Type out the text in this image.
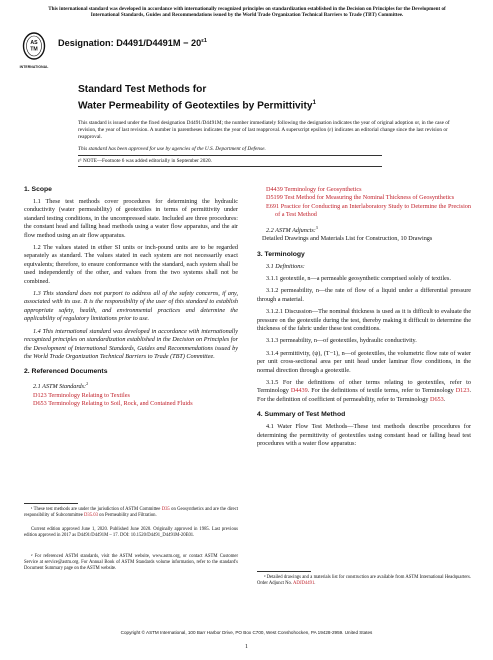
This international standard was developed in accordance with internationally recognized principles on standardization established in the Decision on Principles for the Development of International Standards, Guides and Recommendations issued by the World Trade Organization Technical Barriers to Trade (TBT) Committee.
AS
TM
INTERNATIONAL
Designation: $D4491/D4491M - 20^{\varepsilon 1}$
Standard Test Methods for
Water Permeability of Geotextiles by Permittivity$^1$
This standard is issued under the fixed designation D4491/D4491M; the number immediately following the designation indicates the year of original adoption or, in the case of revision, the year of last revision. A number in parentheses indicates the year of last reapproval. A superscript epsilon (ε) indicates an editorial change since the last revision or reapproval.
This standard has been approved for use by agencies of the U.S. Department of Defense.
ε¹ NOTE—Footnote 6 was added editorially in September 2020.
1. Scope

1.1 These test methods cover procedures for determining the hydraulic conductivity (water permeability) of geotextiles in terms of permittivity under standard testing conditions, in the uncompressed state. Included are three procedures: the constant head and falling head methods using a water flow apparatus, and the air flow method using an air flow apparatus.

1.2 The values stated in either SI units or inch-pound units are to be regarded separately as standard. The values stated in each system are not necessarily exact equivalents; therefore, to ensure conformance with the standard, each system shall be used independently of the other, and values from the two systems shall not be combined.

1.3 This standard does not purport to address all of the safety concerns, if any, associated with its use. It is the responsibility of the user of this standard to establish appropriate safety, health, and environmental practices and determine the applicability of regulatory limitations prior to use.

1.4 This international standard was developed in accordance with internationally recognized principles on standardization established in the Decision on Principles for the Development of International Standards, Guides and Recommendations issued by the World Trade Organization Technical Barriers to Trade (TBT) Committee.

2. Referenced Documents

2.1 ASTM Standards:$^2$

D123 Terminology Relating to Textiles

D653 Terminology Relating to Soil, Rock, and Contained Fluids

¹ These test methods are under the jurisdiction of ASTM Committee D35 on Geosynthetics and are the direct responsibility of Subcommittee D35.03 on Permeability and Filtration.
Current edition approved June 1, 2020. Published June 2020. Originally approved in 1985. Last previous edition approved in 2017 as D4491/D4491M – 17. DOI: 10.1520/D4491_D4491M-20E01.
² For referenced ASTM standards, visit the ASTM website, www.astm.org, or contact ASTM Customer Service at service@astm.org. For Annual Book of ASTM Standards volume information, refer to the standard's Document Summary page on the ASTM website.

D4439 Terminology for Geosynthetics

D5199 Test Method for Measuring the Nominal Thickness of Geosynthetics

E691 Practice for Conducting an Interlaboratory Study to Determine the Precision of a Test Method

2.2 ASTM Adjuncts:$^3$

Detailed Drawings and Materials List for Construction, 10 Drawings

3. Terminology

3.1 Definitions:

3.1.1 geotextile, n—a permeable geosynthetic comprised solely of textiles.

3.1.2 permeability, n—the rate of flow of a liquid under a differential pressure through a material.

3.1.2.1 Discussion—The nominal thickness is used as it is difficult to evaluate the pressure on the geotextile during the test, thereby making it difficult to determine the thickness of the fabric under these test conditions.

3.1.3 permeability, n—of geotextiles, hydraulic conductivity.

3.1.4 permittivity, (ψ), (T−1), n—of geotextiles, the volumetric flow rate of water per unit cross-sectional area per unit head under laminar flow conditions, in the normal direction through a geotextile.

3.1.5 For the definitions of other terms relating to geotextiles, refer to Terminology D4439. For the definitions of textile terms, refer to Terminology D123. For the definition of coefficient of permeability, refer to Terminology D653.

4. Summary of Test Method

4.1 Water Flow Test Methods—These test methods describe procedures for determining the permittivity of geotextiles using constant head or falling head test procedures with a water flow apparatus:

³ Detailed drawings and a materials list for construction are available from ASTM International Headquarters. Order Adjunct No. ADJD4491.
Copyright © ASTM International, 100 Barr Harbor Drive, PO Box C700, West Conshohocken, PA 19428-2959. United States
1
